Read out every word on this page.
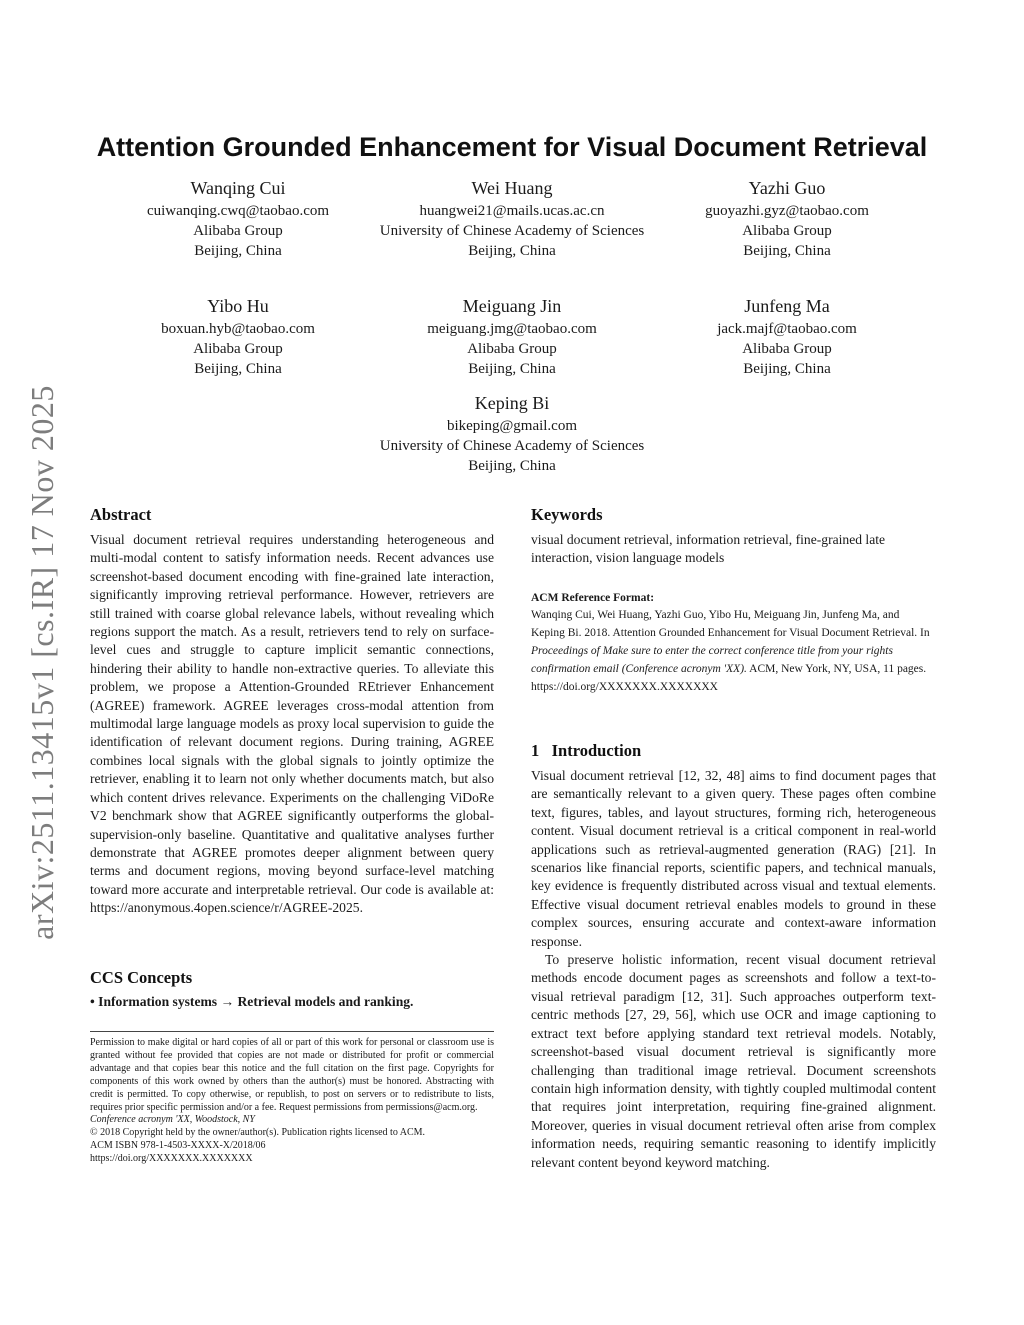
arXiv:2511.13415v1 [cs.IR] 17 Nov 2025
Attention Grounded Enhancement for Visual Document Retrieval
Wanqing Cui
cuiwanqing.cwq@taobao.com
Alibaba Group
Beijing, China
Wei Huang
huangwei21@mails.ucas.ac.cn
University of Chinese Academy of Sciences
Beijing, China
Yazhi Guo
guoyazhi.gyz@taobao.com
Alibaba Group
Beijing, China
Yibo Hu
boxuan.hyb@taobao.com
Alibaba Group
Beijing, China
Meiguang Jin
meiguang.jmg@taobao.com
Alibaba Group
Beijing, China
Junfeng Ma
jack.majf@taobao.com
Alibaba Group
Beijing, China
Keping Bi
bikeping@gmail.com
University of Chinese Academy of Sciences
Beijing, China
Abstract

Visual document retrieval requires understanding heterogeneous and multi-modal content to satisfy information needs. Recent advances use screenshot-based document encoding with fine-grained late interaction, significantly improving retrieval performance. However, retrievers are still trained with coarse global relevance labels, without revealing which regions support the match. As a result, retrievers tend to rely on surface-level cues and struggle to capture implicit semantic connections, hindering their ability to handle non-extractive queries. To alleviate this problem, we propose a Attention-Grounded REtriever Enhancement (AGREE) framework. AGREE leverages cross-modal attention from multimodal large language models as proxy local supervision to guide the identification of relevant document regions. During training, AGREE combines local signals with the global signals to jointly optimize the retriever, enabling it to learn not only whether documents match, but also which content drives relevance. Experiments on the challenging ViDoRe V2 benchmark show that AGREE significantly outperforms the global-supervision-only baseline. Quantitative and qualitative analyses further demonstrate that AGREE promotes deeper alignment between query terms and document regions, moving beyond surface-level matching toward more accurate and interpretable retrieval. Our code is available at: https://anonymous.4open.science/r/AGREE-2025.

CCS Concepts
• Information systems → Retrieval models and ranking.
Permission to make digital or hard copies of all or part of this work for personal or classroom use is granted without fee provided that copies are not made or distributed for profit or commercial advantage and that copies bear this notice and the full citation on the first page. Copyrights for components of this work owned by others than the author(s) must be honored. Abstracting with credit is permitted. To copy otherwise, or republish, to post on servers or to redistribute to lists, requires prior specific permission and/or a fee. Request permissions from permissions@acm.org.
Conference acronym 'XX, Woodstock, NY
© 2018 Copyright held by the owner/author(s). Publication rights licensed to ACM.
ACM ISBN 978-1-4503-XXXX-X/2018/06
https://doi.org/XXXXXXX.XXXXXXX
Keywords
visual document retrieval, information retrieval, fine-grained late interaction, vision language models
ACM Reference Format:
Wanqing Cui, Wei Huang, Yazhi Guo, Yibo Hu, Meiguang Jin, Junfeng Ma, and Keping Bi. 2018. Attention Grounded Enhancement for Visual Document Retrieval. In Proceedings of Make sure to enter the correct conference title from your rights confirmation email (Conference acronym 'XX). ACM, New York, NY, USA, 11 pages. https://doi.org/XXXXXXX.XXXXXXX
1   Introduction

Visual document retrieval [12, 32, 48] aims to find document pages that are semantically relevant to a given query. These pages often combine text, figures, tables, and layout structures, forming rich, heterogeneous content. Visual document retrieval is a critical component in real-world applications such as retrieval-augmented generation (RAG) [21]. In scenarios like financial reports, scientific papers, and technical manuals, key evidence is frequently distributed across visual and textual elements. Effective visual document retrieval enables models to ground in these complex sources, ensuring accurate and context-aware information response.

To preserve holistic information, recent visual document retrieval methods encode document pages as screenshots and follow a text-to-visual retrieval paradigm [12, 31]. Such approaches outperform text-centric methods [27, 29, 56], which use OCR and image captioning to extract text before applying standard text retrieval models. Notably, screenshot-based visual document retrieval is significantly more challenging than traditional image retrieval. Document screenshots contain high information density, with tightly coupled multimodal content that requires joint interpretation, requiring fine-grained alignment. Moreover, queries in visual document retrieval often arise from complex information needs, requiring semantic reasoning to identify implicitly relevant content beyond keyword matching.
